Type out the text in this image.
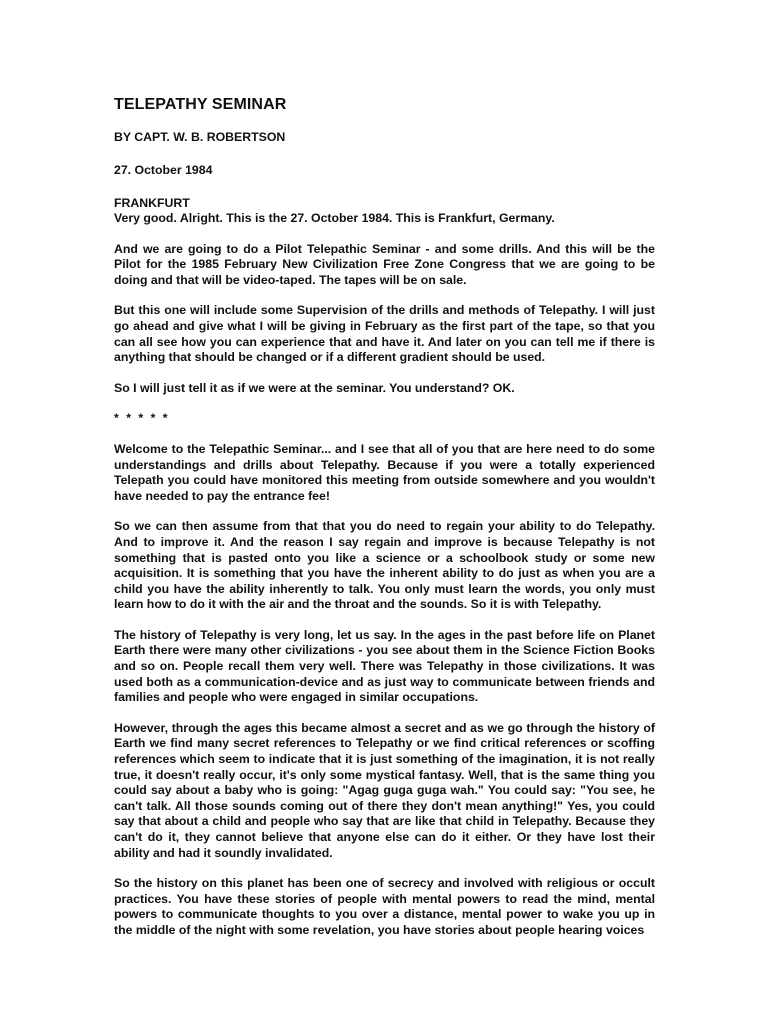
TELEPATHY SEMINAR
BY CAPT. W. B. ROBERTSON
27. October 1984
FRANKFURT

Very good. Alright. This is the 27. October 1984. This is Frankfurt, Germany.

And we are going to do a Pilot Telepathic Seminar - and some drills. And this will be the Pilot for the 1985 February New Civilization Free Zone Congress that we are going to be doing and that will be video-taped. The tapes will be on sale.

But this one will include some Supervision of the drills and methods of Telepathy. I will just go ahead and give what I will be giving in February as the first part of the tape, so that you can all see how you can experience that and have it. And later on you can tell me if there is anything that should be changed or if a different gradient should be used.

So I will just tell it as if we were at the seminar. You understand? OK.

* * * * *

Welcome to the Telepathic Seminar... and I see that all of you that are here need to do some understandings and drills about Telepathy. Because if you were a totally experienced Telepath you could have monitored this meeting from outside somewhere and you wouldn't have needed to pay the entrance fee!

So we can then assume from that that you do need to regain your ability to do Telepathy. And to improve it. And the reason I say regain and improve is because Telepathy is not something that is pasted onto you like a science or a schoolbook study or some new acquisition. It is something that you have the inherent ability to do just as when you are a child you have the ability inherently to talk. You only must learn the words, you only must learn how to do it with the air and the throat and the sounds. So it is with Telepathy.

The history of Telepathy is very long, let us say. In the ages in the past before life on Planet Earth there were many other civilizations - you see about them in the Science Fiction Books and so on. People recall them very well. There was Telepathy in those civilizations. It was used both as a communication-device and as just way to communicate between friends and families and people who were engaged in similar occupations.

However, through the ages this became almost a secret and as we go through the history of Earth we find many secret references to Telepathy or we find critical references or scoffing references which seem to indicate that it is just something of the imagination, it is not really true, it doesn't really occur, it's only some mystical fantasy. Well, that is the same thing you could say about a baby who is going: "Agag guga guga wah." You could say: "You see, he can't talk. All those sounds coming out of there they don't mean anything!" Yes, you could say that about a child and people who say that are like that child in Telepathy. Because they can't do it, they cannot believe that anyone else can do it either. Or they have lost their ability and had it soundly invalidated.

So the history on this planet has been one of secrecy and involved with religious or occult practices. You have these stories of people with mental powers to read the mind, mental powers to communicate thoughts to you over a distance, mental power to wake you up in the middle of the night with some revelation, you have stories about people hearing voices
